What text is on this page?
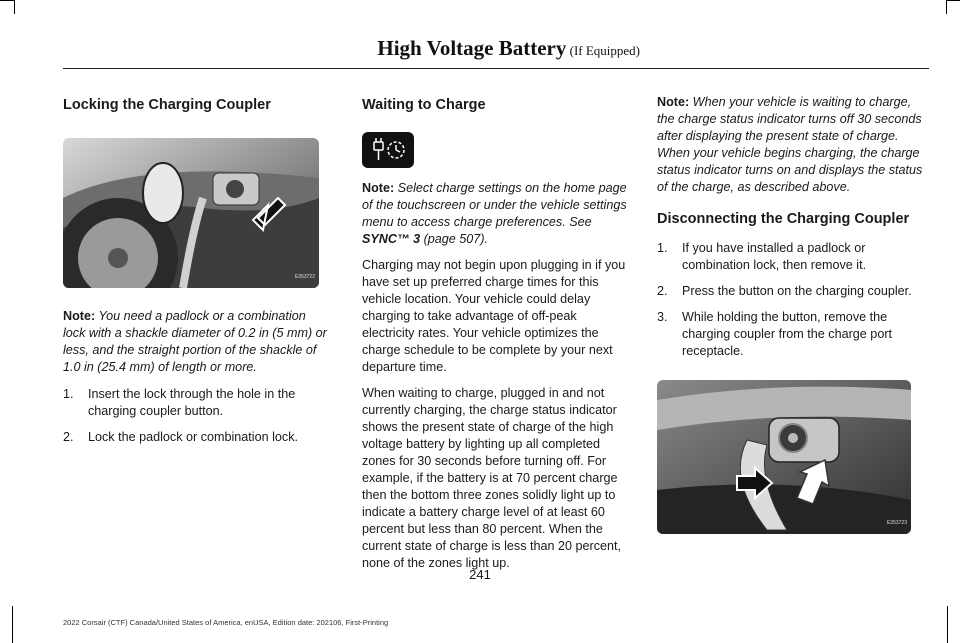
High Voltage Battery (If Equipped)
Locking the Charging Coupler
E353722

Note: You need a padlock or a combination lock with a shackle diameter of 0.2 in (5 mm) or less, and the straight portion of the shackle of 1.0 in (25.4 mm) of length or more.

1. Insert the lock through the hole in the charging coupler button.
2. Lock the padlock or combination lock.
Waiting to Charge

Note: Select charge settings on the home page of the touchscreen or under the vehicle settings menu to access charge preferences. See SYNC™ 3 (page 507).

Charging may not begin upon plugging in if you have set up preferred charge times for this vehicle location. Your vehicle could delay charging to take advantage of off-peak electricity rates. Your vehicle optimizes the charge schedule to be complete by your next departure time.

When waiting to charge, plugged in and not currently charging, the charge status indicator shows the present state of charge of the high voltage battery by lighting up all completed zones for 30 seconds before turning off. For example, if the battery is at 70 percent charge then the bottom three zones solidly light up to indicate a battery charge level of at least 60 percent but less than 80 percent. When the current state of charge is less than 20 percent, none of the zones light up.

Note: When your vehicle is waiting to charge, the charge status indicator turns off 30 seconds after displaying the present state of charge. When your vehicle begins charging, the charge status indicator turns on and displays the status of the charge, as described above.

Disconnecting the Charging Coupler
1. If you have installed a padlock or combination lock, then remove it.
2. Press the button on the charging coupler.
3. While holding the button, remove the charging coupler from the charge port receptacle.
E353723
241
2022 Corsair (CTF) Canada/United States of America, enUSA, Edition date: 202106, First-Printing
